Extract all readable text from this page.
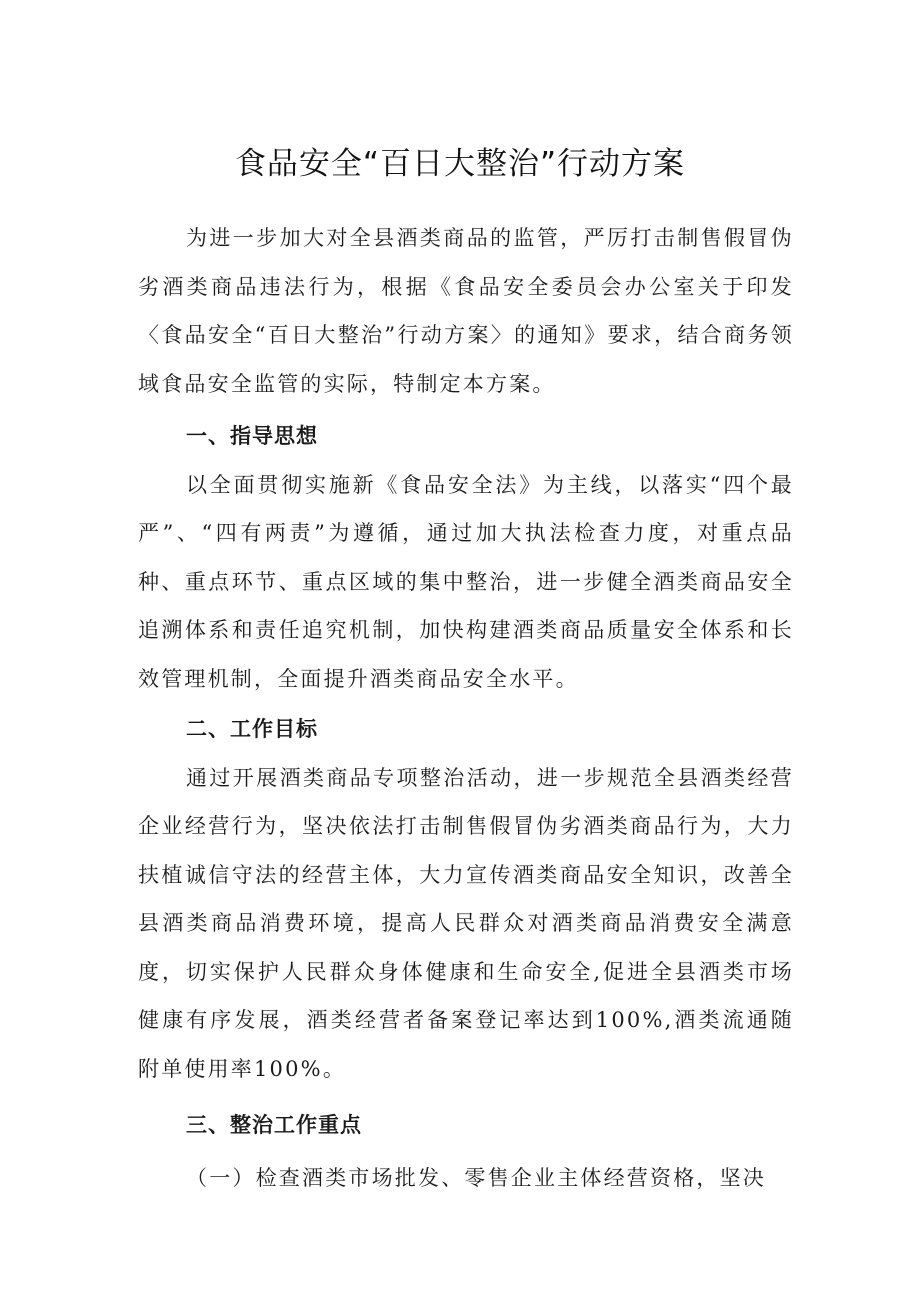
食品安全“百日大整治”行动方案

为进一步加大对全县酒类商品的监管，严厉打击制售假冒伪劣酒类商品违法行为，根据《食品安全委员会办公室关于印发〈食品安全“百日大整治”行动方案〉的通知》要求，结合商务领域食品安全监管的实际，特制定本方案。

一、指导思想

以全面贯彻实施新《食品安全法》为主线，以落实“四个最严”、“四有两责”为遵循，通过加大执法检查力度，对重点品种、重点环节、重点区域的集中整治，进一步健全酒类商品安全追溯体系和责任追究机制，加快构建酒类商品质量安全体系和长效管理机制，全面提升酒类商品安全水平。

二、工作目标

通过开展酒类商品专项整治活动，进一步规范全县酒类经营企业经营行为，坚决依法打击制售假冒伪劣酒类商品行为，大力扶植诚信守法的经营主体，大力宣传酒类商品安全知识，改善全县酒类商品消费环境，提高人民群众对酒类商品消费安全满意度，切实保护人民群众身体健康和生命安全,促进全县酒类市场健康有序发展，酒类经营者备案登记率达到100%,酒类流通随附单使用率100%。

三、整治工作重点

（一）检查酒类市场批发、零售企业主体经营资格，坚决
